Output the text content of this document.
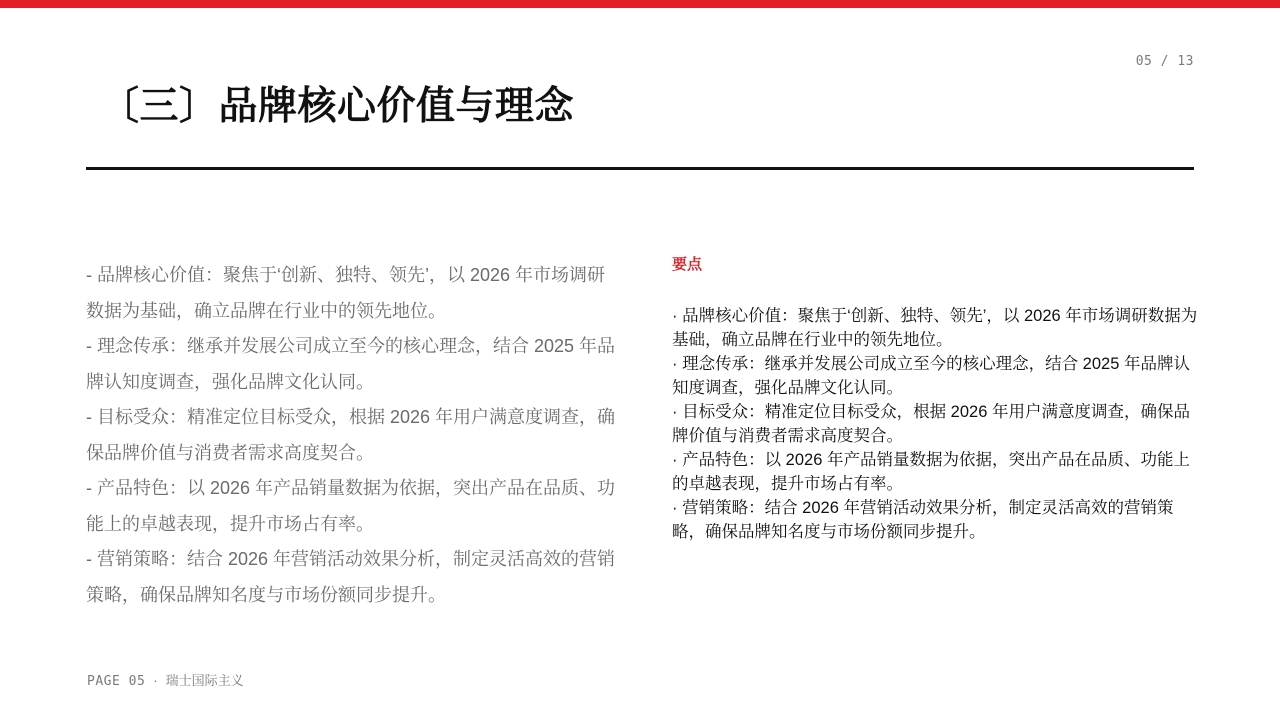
05 / 13
〔三〕品牌核心价值与理念

- 品牌核心价值：聚焦于‘创新、独特、领先’，以 2026 年市场调研数据为基础，确立品牌在行业中的领先地位。

- 理念传承：继承并发展公司成立至今的核心理念，结合 2025 年品牌认知度调查，强化品牌文化认同。

- 目标受众：精准定位目标受众，根据 2026 年用户满意度调查，确保品牌价值与消费者需求高度契合。

- 产品特色：以 2026 年产品销量数据为依据，突出产品在品质、功能上的卓越表现，提升市场占有率。

- 营销策略：结合 2026 年营销活动效果分析，制定灵活高效的营销策略，确保品牌知名度与市场份额同步提升。

要点

· 品牌核心价值：聚焦于‘创新、独特、领先’，以 2026 年市场调研数据为基础，确立品牌在行业中的领先地位。

· 理念传承：继承并发展公司成立至今的核心理念，结合 2025 年品牌认知度调查，强化品牌文化认同。

· 目标受众：精准定位目标受众，根据 2026 年用户满意度调查，确保品牌价值与消费者需求高度契合。

· 产品特色：以 2026 年产品销量数据为依据，突出产品在品质、功能上的卓越表现，提升市场占有率。

· 营销策略：结合 2026 年营销活动效果分析，制定灵活高效的营销策略，确保品牌知名度与市场份额同步提升。

PAGE 05 · 瑞士国际主义
